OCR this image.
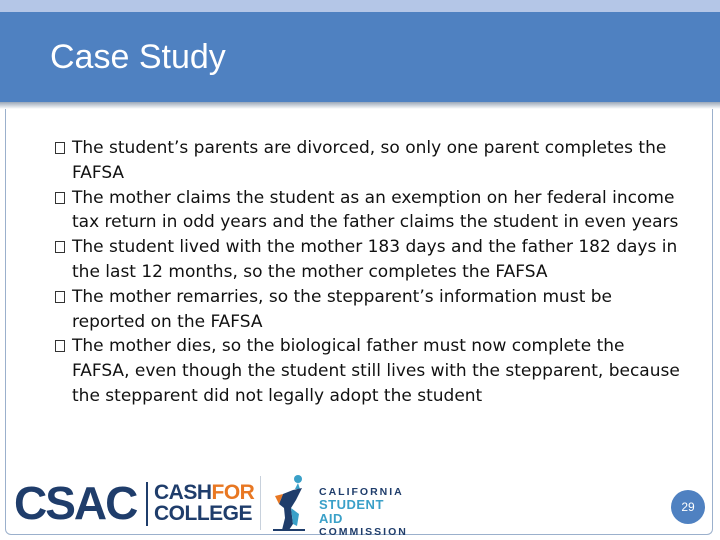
Case Study
The student’s parents are divorced, so only one parent completes the FAFSA
The mother claims the student as an exemption on her federal income tax return in odd years and the father claims the student in even years
The student lived with the mother 183 days and the father 182 days in the last 12 months, so the mother completes the FAFSA
The mother remarries, so the stepparent’s information must be reported on the FAFSA
The mother dies, so the biological father must now complete the FAFSA, even though the student still lives with the stepparent, because the stepparent did not legally adopt the student
CSAC CASHFOR
COLLEGE
CALIFORNIA
STUDENT AID
COMMISSION
29
